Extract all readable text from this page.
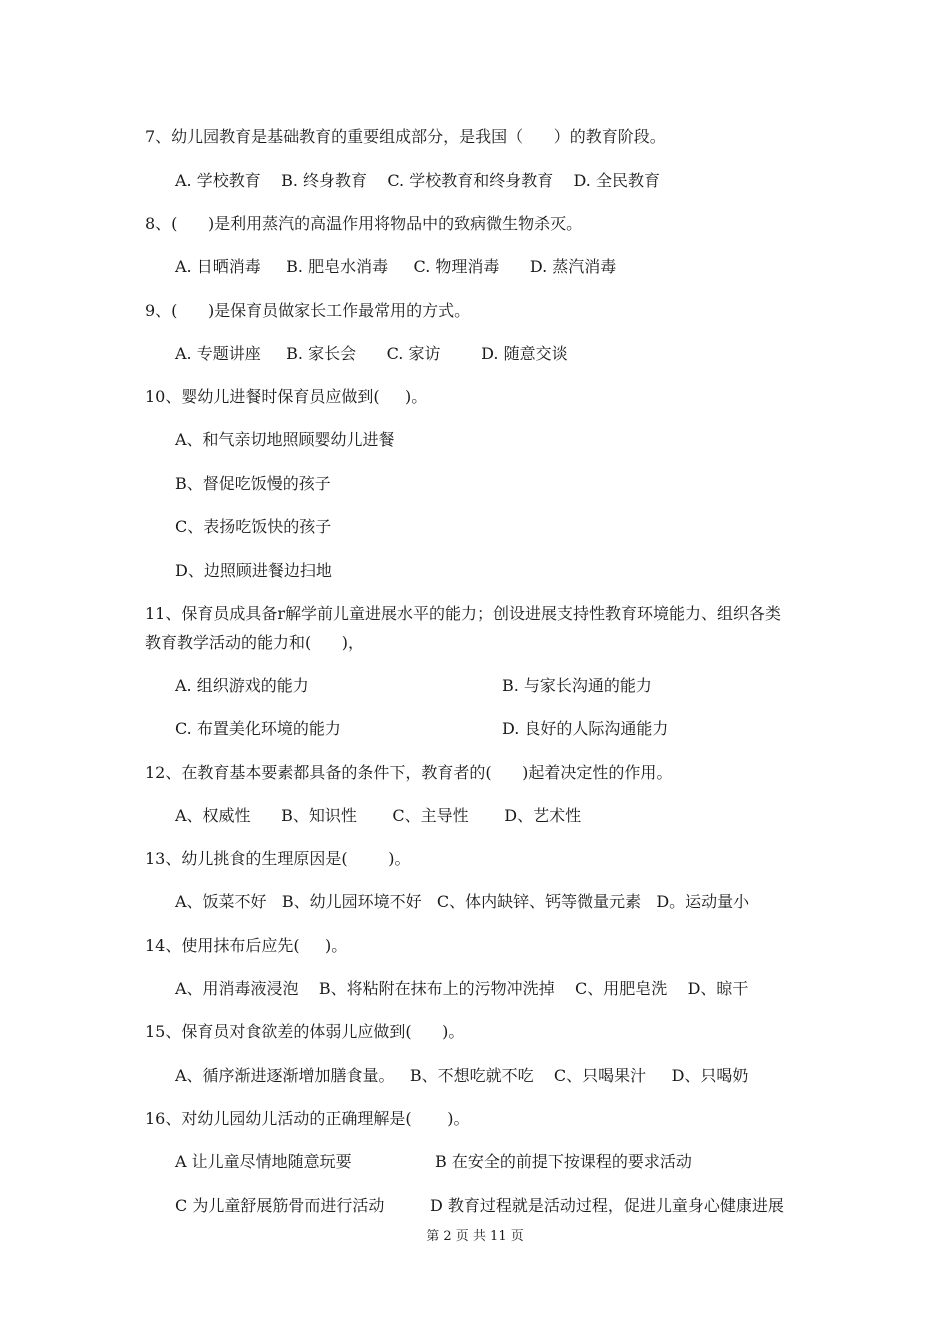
7、幼儿园教育是基础教育的重要组成部分，是我国（      ）的教育阶段。
A. 学校教育    B. 终身教育    C. 学校教育和终身教育    D. 全民教育
8、(      )是利用蒸汽的高温作用将物品中的致病微生物杀灭。
A. 日晒消毒     B. 肥皂水消毒     C. 物理消毒      D. 蒸汽消毒
9、(      )是保育员做家长工作最常用的方式。
A. 专题讲座     B. 家长会      C. 家访        D. 随意交谈
10、婴幼儿进餐时保育员应做到(     )。
A、和气亲切地照顾婴幼儿进餐
B、督促吃饭慢的孩子
C、表扬吃饭快的孩子
D、边照顾进餐边扫地
11、保育员成具备r解学前儿童进展水平的能力；创设进展支持性教育环境能力、组织各类
教育教学活动的能力和(      )，
A. 组织游戏的能力	B. 与家长沟通的能力
C. 布置美化环境的能力	D. 良好的人际沟通能力
12、在教育基本要素都具备的条件下，教育者的(      )起着决定性的作用。
A、权威性      B、知识性       C、主导性       D、艺术性
13、幼儿挑食的生理原因是(        )。
A、饭菜不好   B、幼儿园环境不好   C、体内缺锌、钙等微量元素   D。运动量小
14、使用抹布后应先(     )。
A、用消毒液浸泡    B、将粘附在抹布上的污物冲洗掉    C、用肥皂洗    D、晾干
15、保育员对食欲差的体弱儿应做到(      )。
A、循序渐进逐渐增加膳食量。   B、不想吃就不吃    C、只喝果汁     D、只喝奶
16、对幼儿园幼儿活动的正确理解是(       )。
A 让儿童尽情地随意玩要	B 在安全的前提下按课程的要求活动
C 为儿童舒展筋骨而进行活动	D 教育过程就是活动过程，促进儿童身心健康进展
第 2 页 共 11 页
